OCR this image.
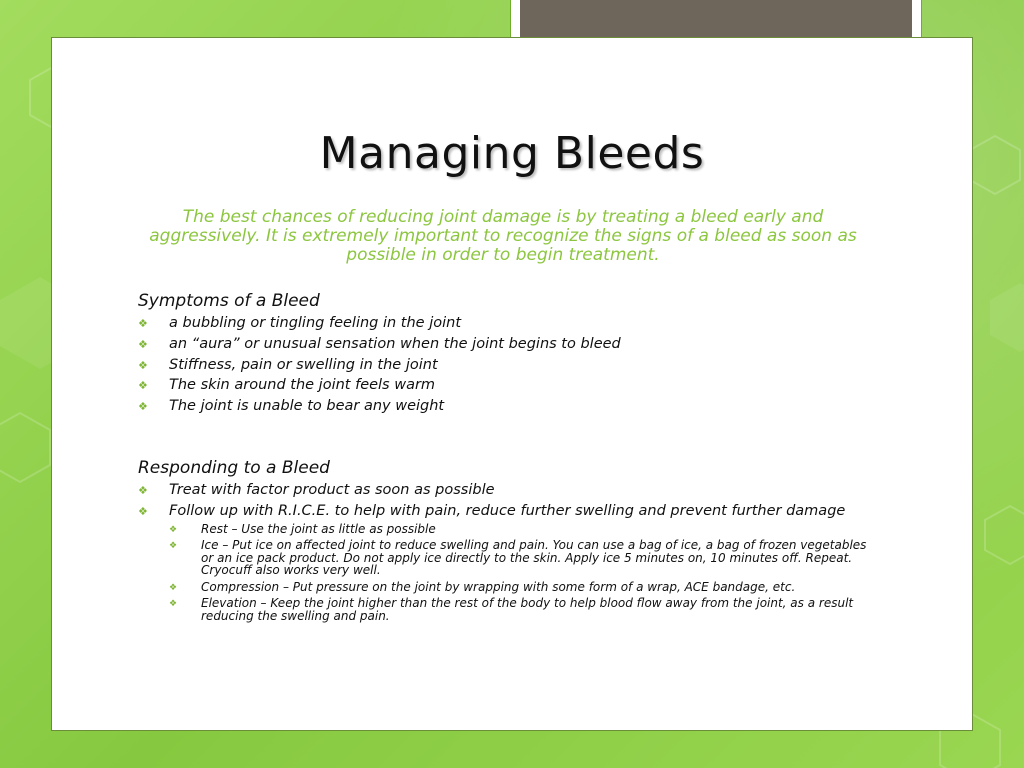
Managing Bleeds
The best chances of reducing joint damage is by treating a bleed early and aggressively. It is extremely important to recognize the signs of a bleed as soon as possible in order to begin treatment.
Symptoms of a Bleed
❖ a bubbling or tingling feeling in the joint
❖ an “aura” or unusual sensation when the joint begins to bleed
❖ Stiffness, pain or swelling in the joint
❖ The skin around the joint feels warm
❖ The joint is unable to bear any weight
Responding to a Bleed
❖ Treat with factor product as soon as possible
❖ Follow up with R.I.C.E. to help with pain, reduce further swelling and prevent further damage
❖ Rest – Use the joint as little as possible
❖ Ice – Put ice on affected joint to reduce swelling and pain. You can use a bag of ice, a bag of frozen vegetables or an ice pack product. Do not apply ice directly to the skin. Apply ice 5 minutes on, 10 minutes off. Repeat. Cryocuff also works very well.
❖ Compression – Put pressure on the joint by wrapping with some form of a wrap, ACE bandage, etc.
❖ Elevation – Keep the joint higher than the rest of the body to help blood flow away from the joint, as a result reducing the swelling and pain.
